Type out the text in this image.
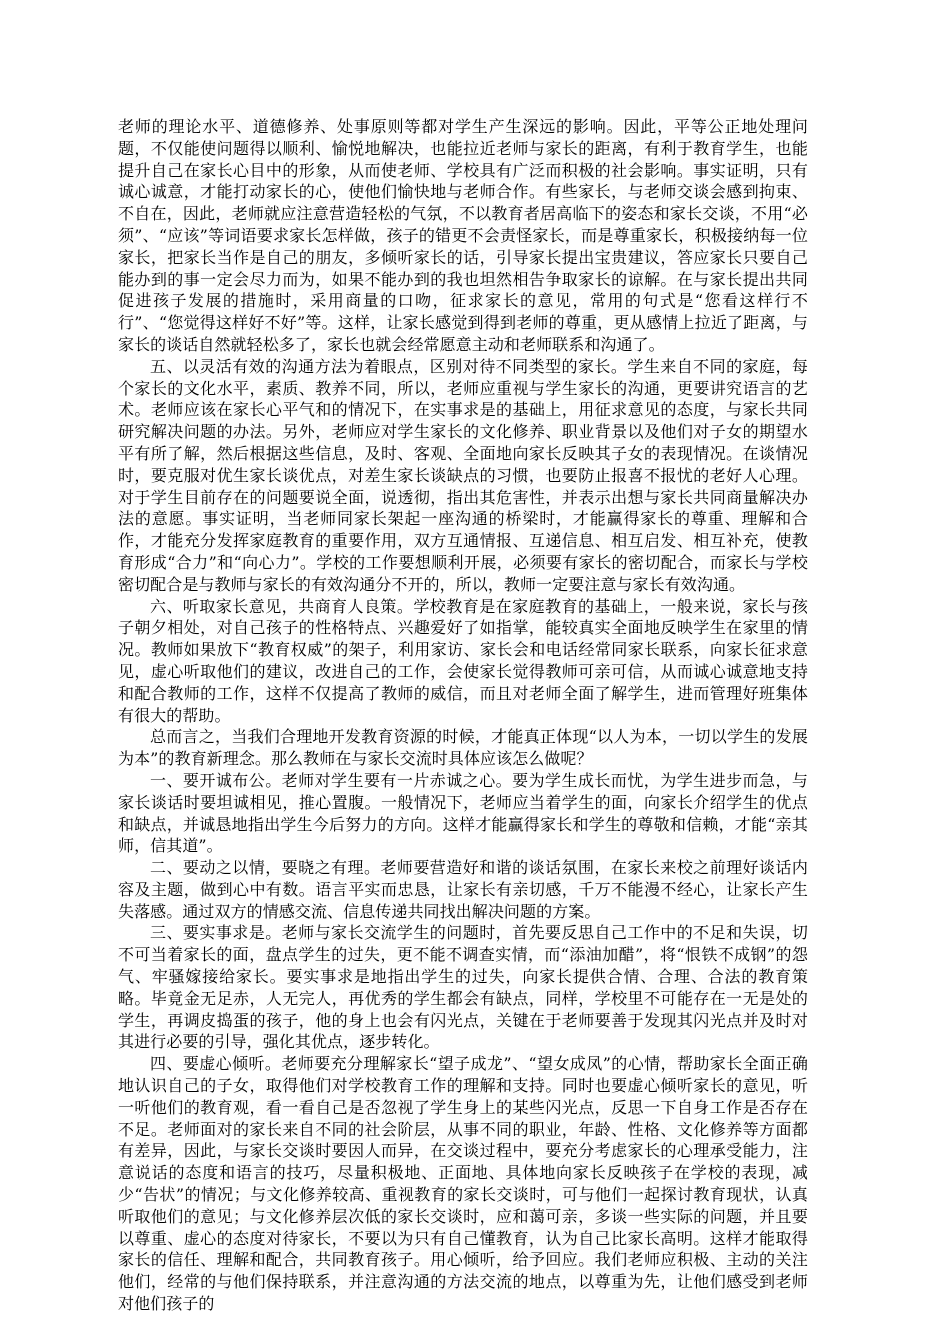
老师的理论水平、道德修养、处事原则等都对学生产生深远的影响。因此，平等公正地处理问题，不仅能使问题得以顺利、愉悦地解决，也能拉近老师与家长的距离，有利于教育学生，也能提升自己在家长心目中的形象，从而使老师、学校具有广泛而积极的社会影响。事实证明，只有诚心诚意，才能打动家长的心，使他们愉快地与老师合作。有些家长，与老师交谈会感到拘束、不自在，因此，老师就应注意营造轻松的气氛，不以教育者居高临下的姿态和家长交谈，不用“必须”、“应该”等词语要求家长怎样做，孩子的错更不会责怪家长，而是尊重家长，积极接纳每一位家长，把家长当作是自己的朋友，多倾听家长的话，引导家长提出宝贵建议，答应家长只要自己能办到的事一定会尽力而为，如果不能办到的我也坦然相告争取家长的谅解。在与家长提出共同促进孩子发展的措施时，采用商量的口吻，征求家长的意见，常用的句式是“您看这样行不行”、“您觉得这样好不好”等。这样，让家长感觉到得到老师的尊重，更从感情上拉近了距离，与家长的谈话自然就轻松多了，家长也就会经常愿意主动和老师联系和沟通了。

五、以灵活有效的沟通方法为着眼点，区别对待不同类型的家长。学生来自不同的家庭，每个家长的文化水平，素质、教养不同，所以，老师应重视与学生家长的沟通，更要讲究语言的艺术。老师应该在家长心平气和的情况下，在实事求是的基础上，用征求意见的态度，与家长共同研究解决问题的办法。另外，老师应对学生家长的文化修养、职业背景以及他们对子女的期望水平有所了解，然后根据这些信息，及时、客观、全面地向家长反映其子女的表现情况。在谈情况时，要克服对优生家长谈优点，对差生家长谈缺点的习惯，也要防止报喜不报忧的老好人心理。对于学生目前存在的问题要说全面，说透彻，指出其危害性，并表示出想与家长共同商量解决办法的意愿。事实证明，当老师同家长架起一座沟通的桥梁时，才能赢得家长的尊重、理解和合作，才能充分发挥家庭教育的重要作用，双方互通情报、互递信息、相互启发、相互补充，使教育形成“合力”和“向心力”。学校的工作要想顺利开展，必须要有家长的密切配合，而家长与学校密切配合是与教师与家长的有效沟通分不开的，所以，教师一定要注意与家长有效沟通。

六、听取家长意见，共商育人良策。学校教育是在家庭教育的基础上，一般来说，家长与孩子朝夕相处，对自己孩子的性格特点、兴趣爱好了如指掌，能较真实全面地反映学生在家里的情况。教师如果放下“教育权威”的架子，利用家访、家长会和电话经常同家长联系，向家长征求意见，虚心听取他们的建议，改进自己的工作，会使家长觉得教师可亲可信，从而诚心诚意地支持和配合教师的工作，这样不仅提高了教师的威信，而且对老师全面了解学生，进而管理好班集体有很大的帮助。

总而言之，当我们合理地开发教育资源的时候，才能真正体现“以人为本，一切以学生的发展为本”的教育新理念。那么教师在与家长交流时具体应该怎么做呢？

一、要开诚布公。老师对学生要有一片赤诚之心。要为学生成长而忧，为学生进步而急，与家长谈话时要坦诚相见，推心置腹。一般情况下，老师应当着学生的面，向家长介绍学生的优点和缺点，并诚恳地指出学生今后努力的方向。这样才能赢得家长和学生的尊敬和信赖，才能“亲其师，信其道”。

二、要动之以情，要晓之有理。老师要营造好和谐的谈话氛围，在家长来校之前理好谈话内容及主题，做到心中有数。语言平实而忠恳，让家长有亲切感，千万不能漫不经心，让家长产生失落感。通过双方的情感交流、信息传递共同找出解决问题的方案。

三、要实事求是。老师与家长交流学生的问题时，首先要反思自己工作中的不足和失误，切不可当着家长的面，盘点学生的过失，更不能不调查实情，而“添油加醋”，将“恨铁不成钢”的怨气、牢骚嫁接给家长。要实事求是地指出学生的过失，向家长提供合情、合理、合法的教育策略。毕竟金无足赤，人无完人，再优秀的学生都会有缺点，同样，学校里不可能存在一无是处的学生，再调皮捣蛋的孩子，他的身上也会有闪光点，关键在于老师要善于发现其闪光点并及时对其进行必要的引导，强化其优点，逐步转化。

四、要虚心倾听。老师要充分理解家长“望子成龙”、“望女成凤”的心情，帮助家长全面正确地认识自己的子女，取得他们对学校教育工作的理解和支持。同时也要虚心倾听家长的意见，听一听他们的教育观，看一看自己是否忽视了学生身上的某些闪光点，反思一下自身工作是否存在不足。老师面对的家长来自不同的社会阶层，从事不同的职业，年龄、性格、文化修养等方面都有差异，因此，与家长交谈时要因人而异，在交谈过程中，要充分考虑家长的心理承受能力，注意说话的态度和语言的技巧，尽量积极地、正面地、具体地向家长反映孩子在学校的表现，减少“告状”的情况；与文化修养较高、重视教育的家长交谈时，可与他们一起探讨教育现状，认真听取他们的意见；与文化修养层次低的家长交谈时，应和蔼可亲，多谈一些实际的问题，并且要以尊重、虚心的态度对待家长，不要以为只有自己懂教育，认为自己比家长高明。这样才能取得家长的信任、理解和配合，共同教育孩子。用心倾听，给予回应。我们老师应积极、主动的关注他们，经常的与他们保持联系，并注意沟通的方法交流的地点，以尊重为先，让他们感受到老师对他们孩子的
